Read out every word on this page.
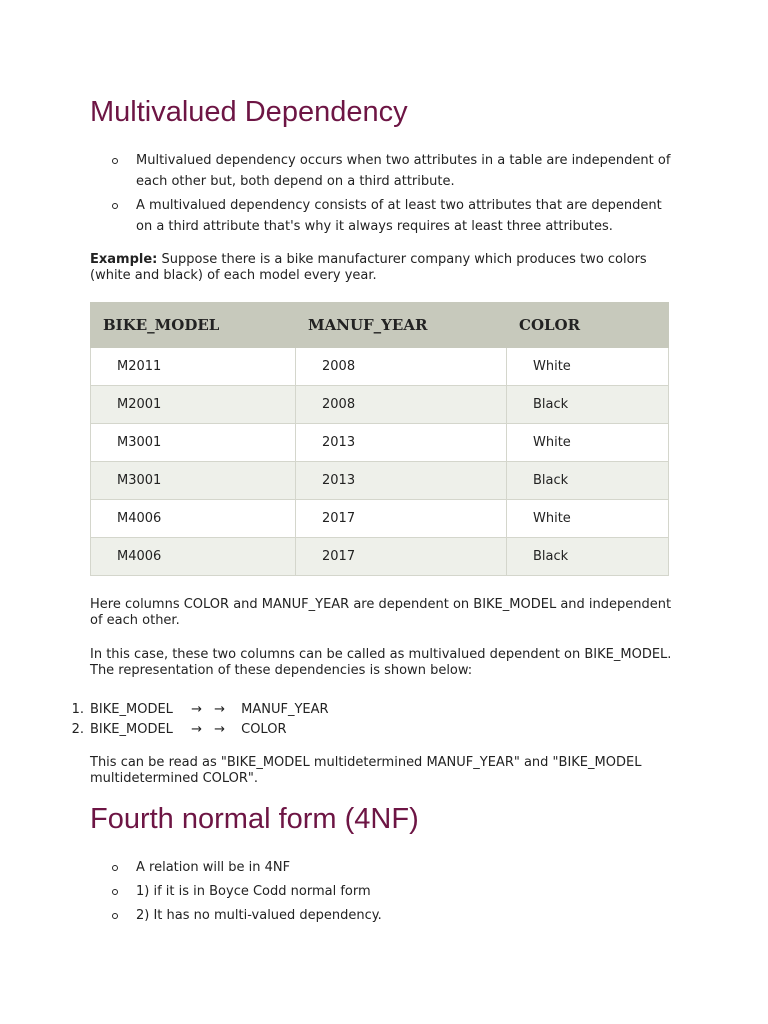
Multivalued Dependency
Multivalued dependency occurs when two attributes in a table are independent of each other but, both depend on a third attribute.
A multivalued dependency consists of at least two attributes that are dependent on a third attribute that's why it always requires at least three attributes.

Example: Suppose there is a bike manufacturer company which produces two colors (white and black) of each model every year.

BIKE_MODEL	MANUF_YEAR	COLOR
M2011	2008	White
M2001	2008	Black
M3001	2013	White
M3001	2013	Black
M4006	2017	White
M4006	2017	Black

Here columns COLOR and MANUF_YEAR are dependent on BIKE_MODEL and independent of each other.

In this case, these two columns can be called as multivalued dependent on BIKE_MODEL. The representation of these dependencies is shown below:

1. BIKE_MODEL → → MANUF_YEAR
2. BIKE_MODEL → → COLOR

This can be read as "BIKE_MODEL multidetermined MANUF_YEAR" and "BIKE_MODEL multidetermined COLOR".

Fourth normal form (4NF)
A relation will be in 4NF
1) if it is in Boyce Codd normal form
2) It has no multi-valued dependency.
